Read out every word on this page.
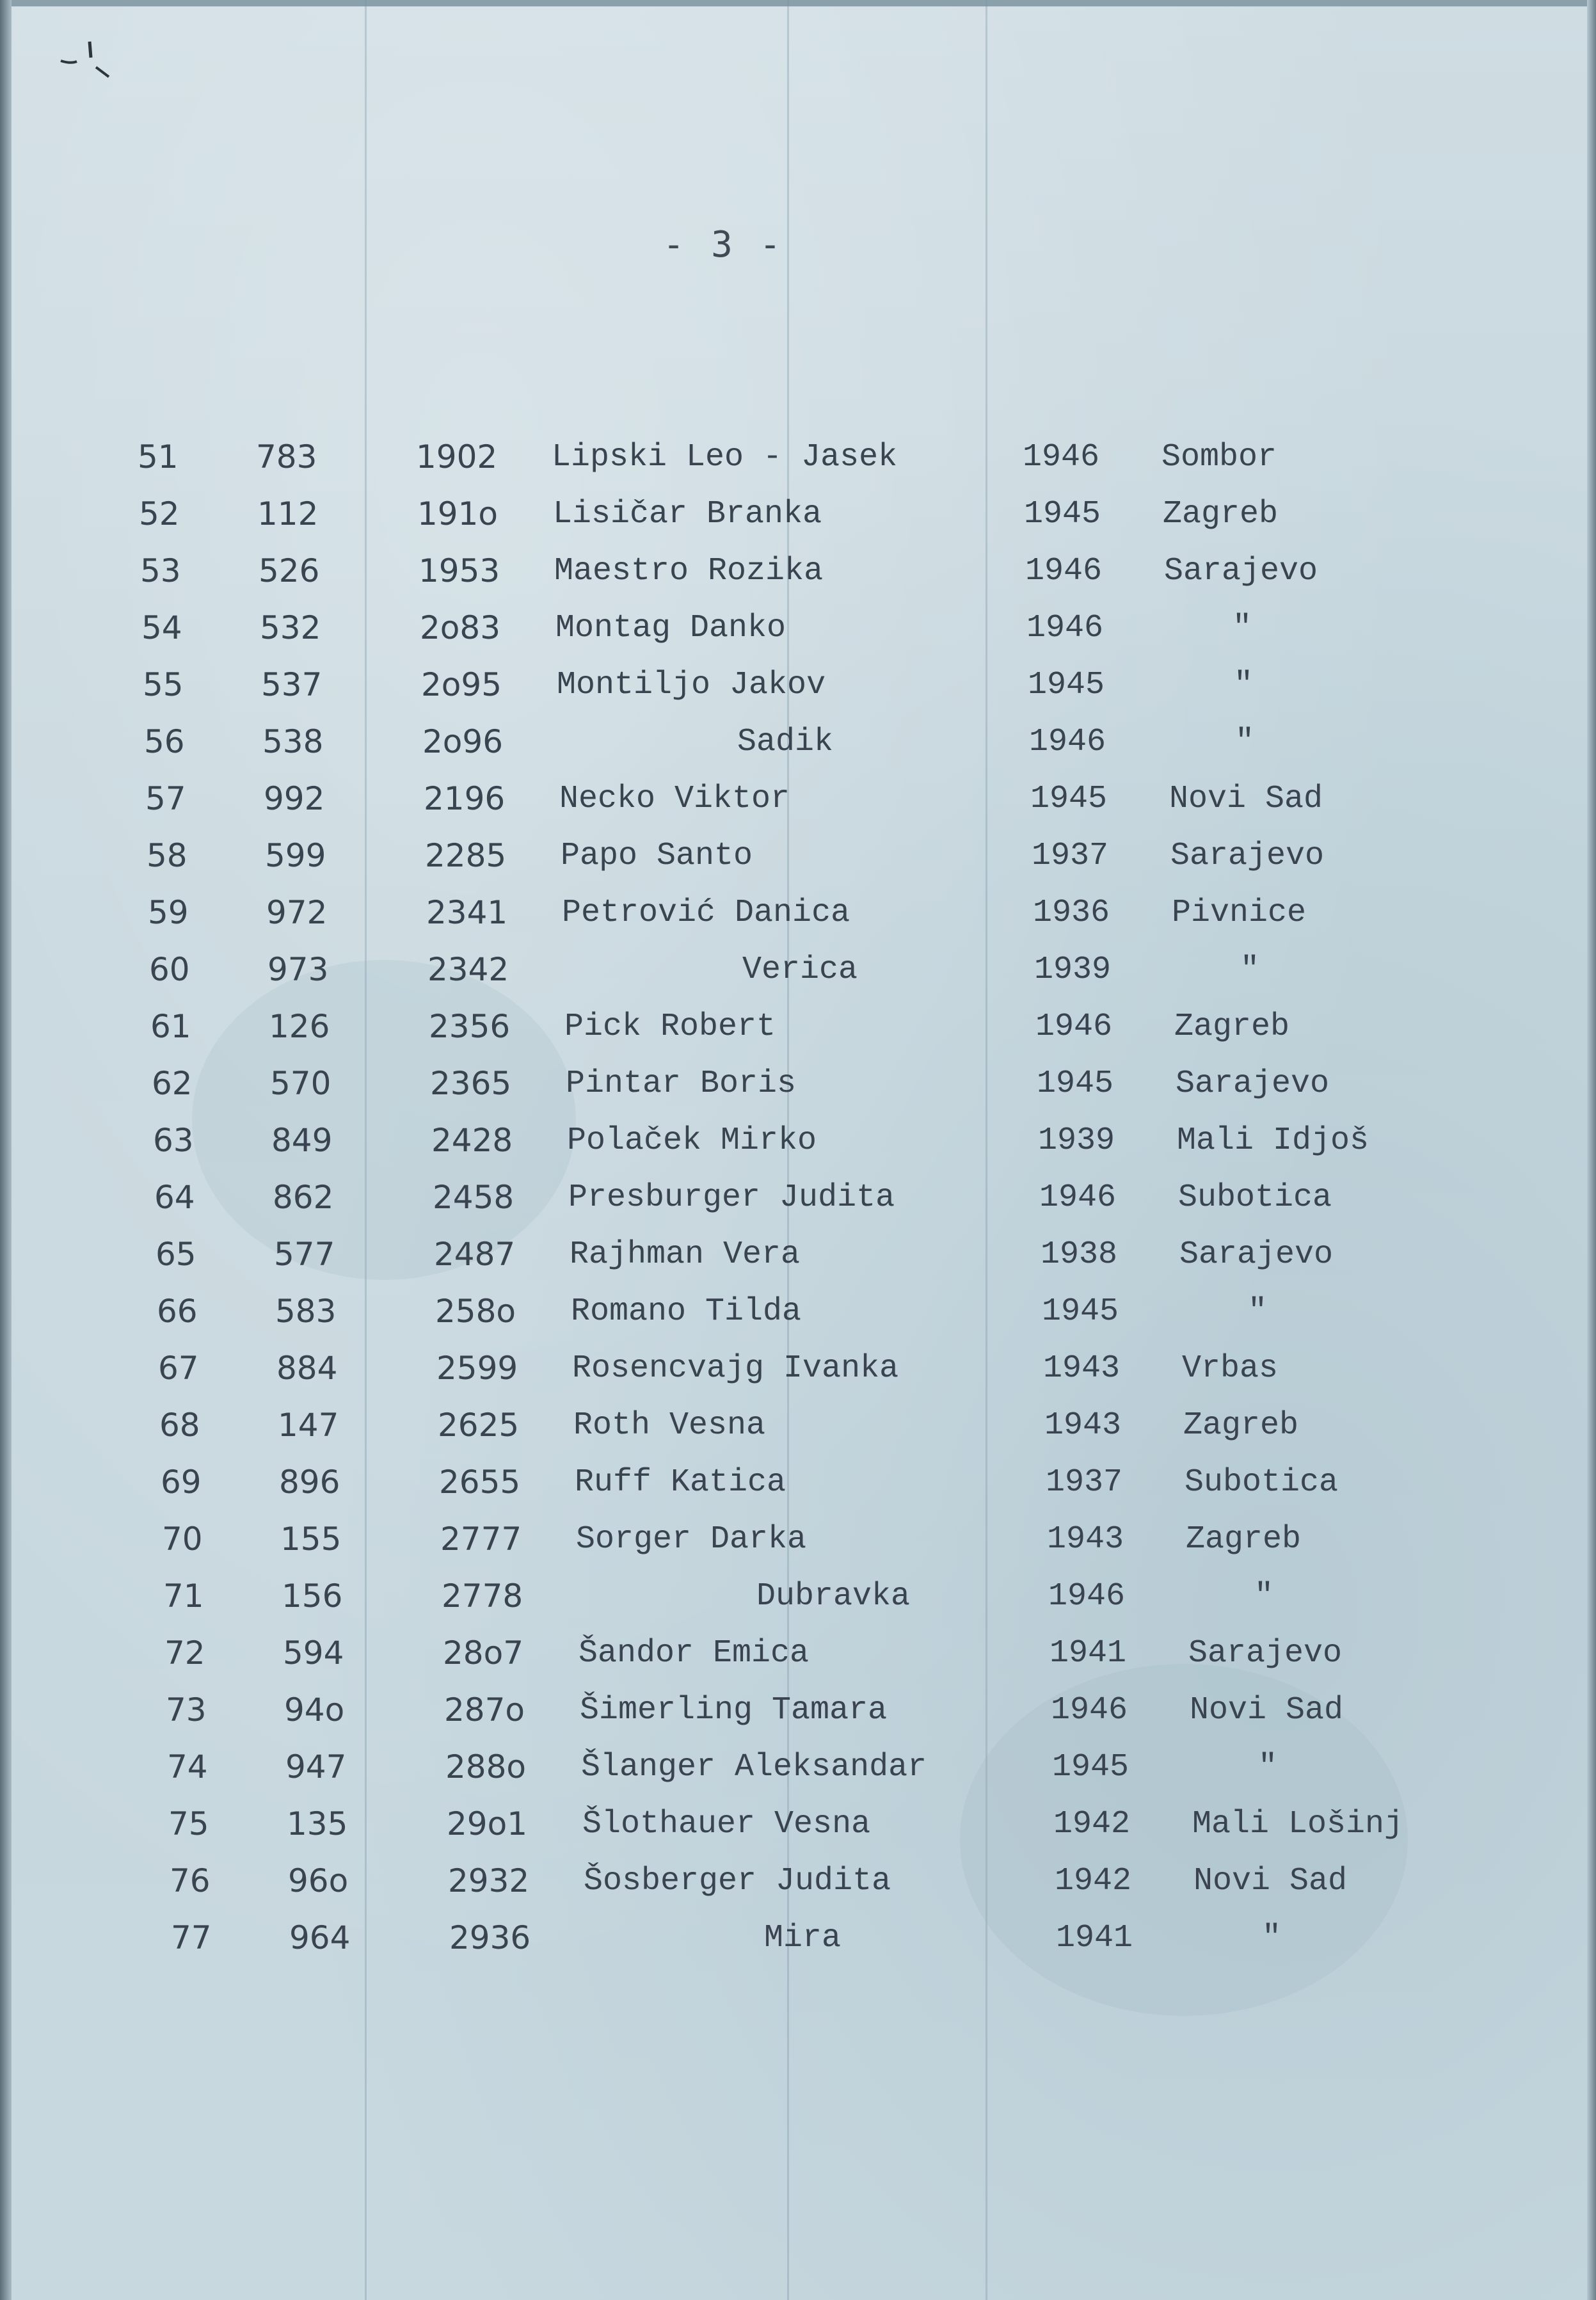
- 3 -
51 783	1902 Lipski Leo - Jasek	1946 Sombor
52 112	191o Lisičar Branka	1945 Zagreb
53 526	1953 Maestro Rozika	1946 Sarajevo
54 532	2o83 Montag Danko	1946	"
55 537	2o95 Montiljo Jakov	1945	"
56 538	2o96	Sadik	1946	"
57 992	2196 Necko Viktor	1945 Novi Sad
58 599	2285 Papo Santo	1937 Sarajevo
59 972	2341 Petrović Danica	1936 Pivnice
60 973	2342	Verica	1939	"
61 126	2356 Pick Robert	1946 Zagreb
62 570	2365 Pintar Boris	1945 Sarajevo
63 849	2428 Polaček Mirko	1939 Mali Idjoš
64 862	2458 Presburger Judita	1946 Subotica
65 577	2487 Rajhman Vera	1938 Sarajevo
66 583	258o Romano Tilda	1945	"
67 884	2599 Rosencvajg Ivanka	1943 Vrbas
68 147	2625 Roth Vesna	1943 Zagreb
69 896	2655 Ruff Katica	1937 Subotica
70 155	2777 Sorger Darka	1943 Zagreb
71 156	2778	Dubravka	1946	"
72 594	28o7 Šandor Emica	1941 Sarajevo
73 94o	287o Šimerling Tamara	1946 Novi Sad
74 947	288o Šlanger Aleksandar	1945	"
75 135	29o1 Šlothauer Vesna	1942 Mali Lošinj
76 96o	2932 Šosberger Judita	1942 Novi Sad
77 964	2936	Mira	1941	"
